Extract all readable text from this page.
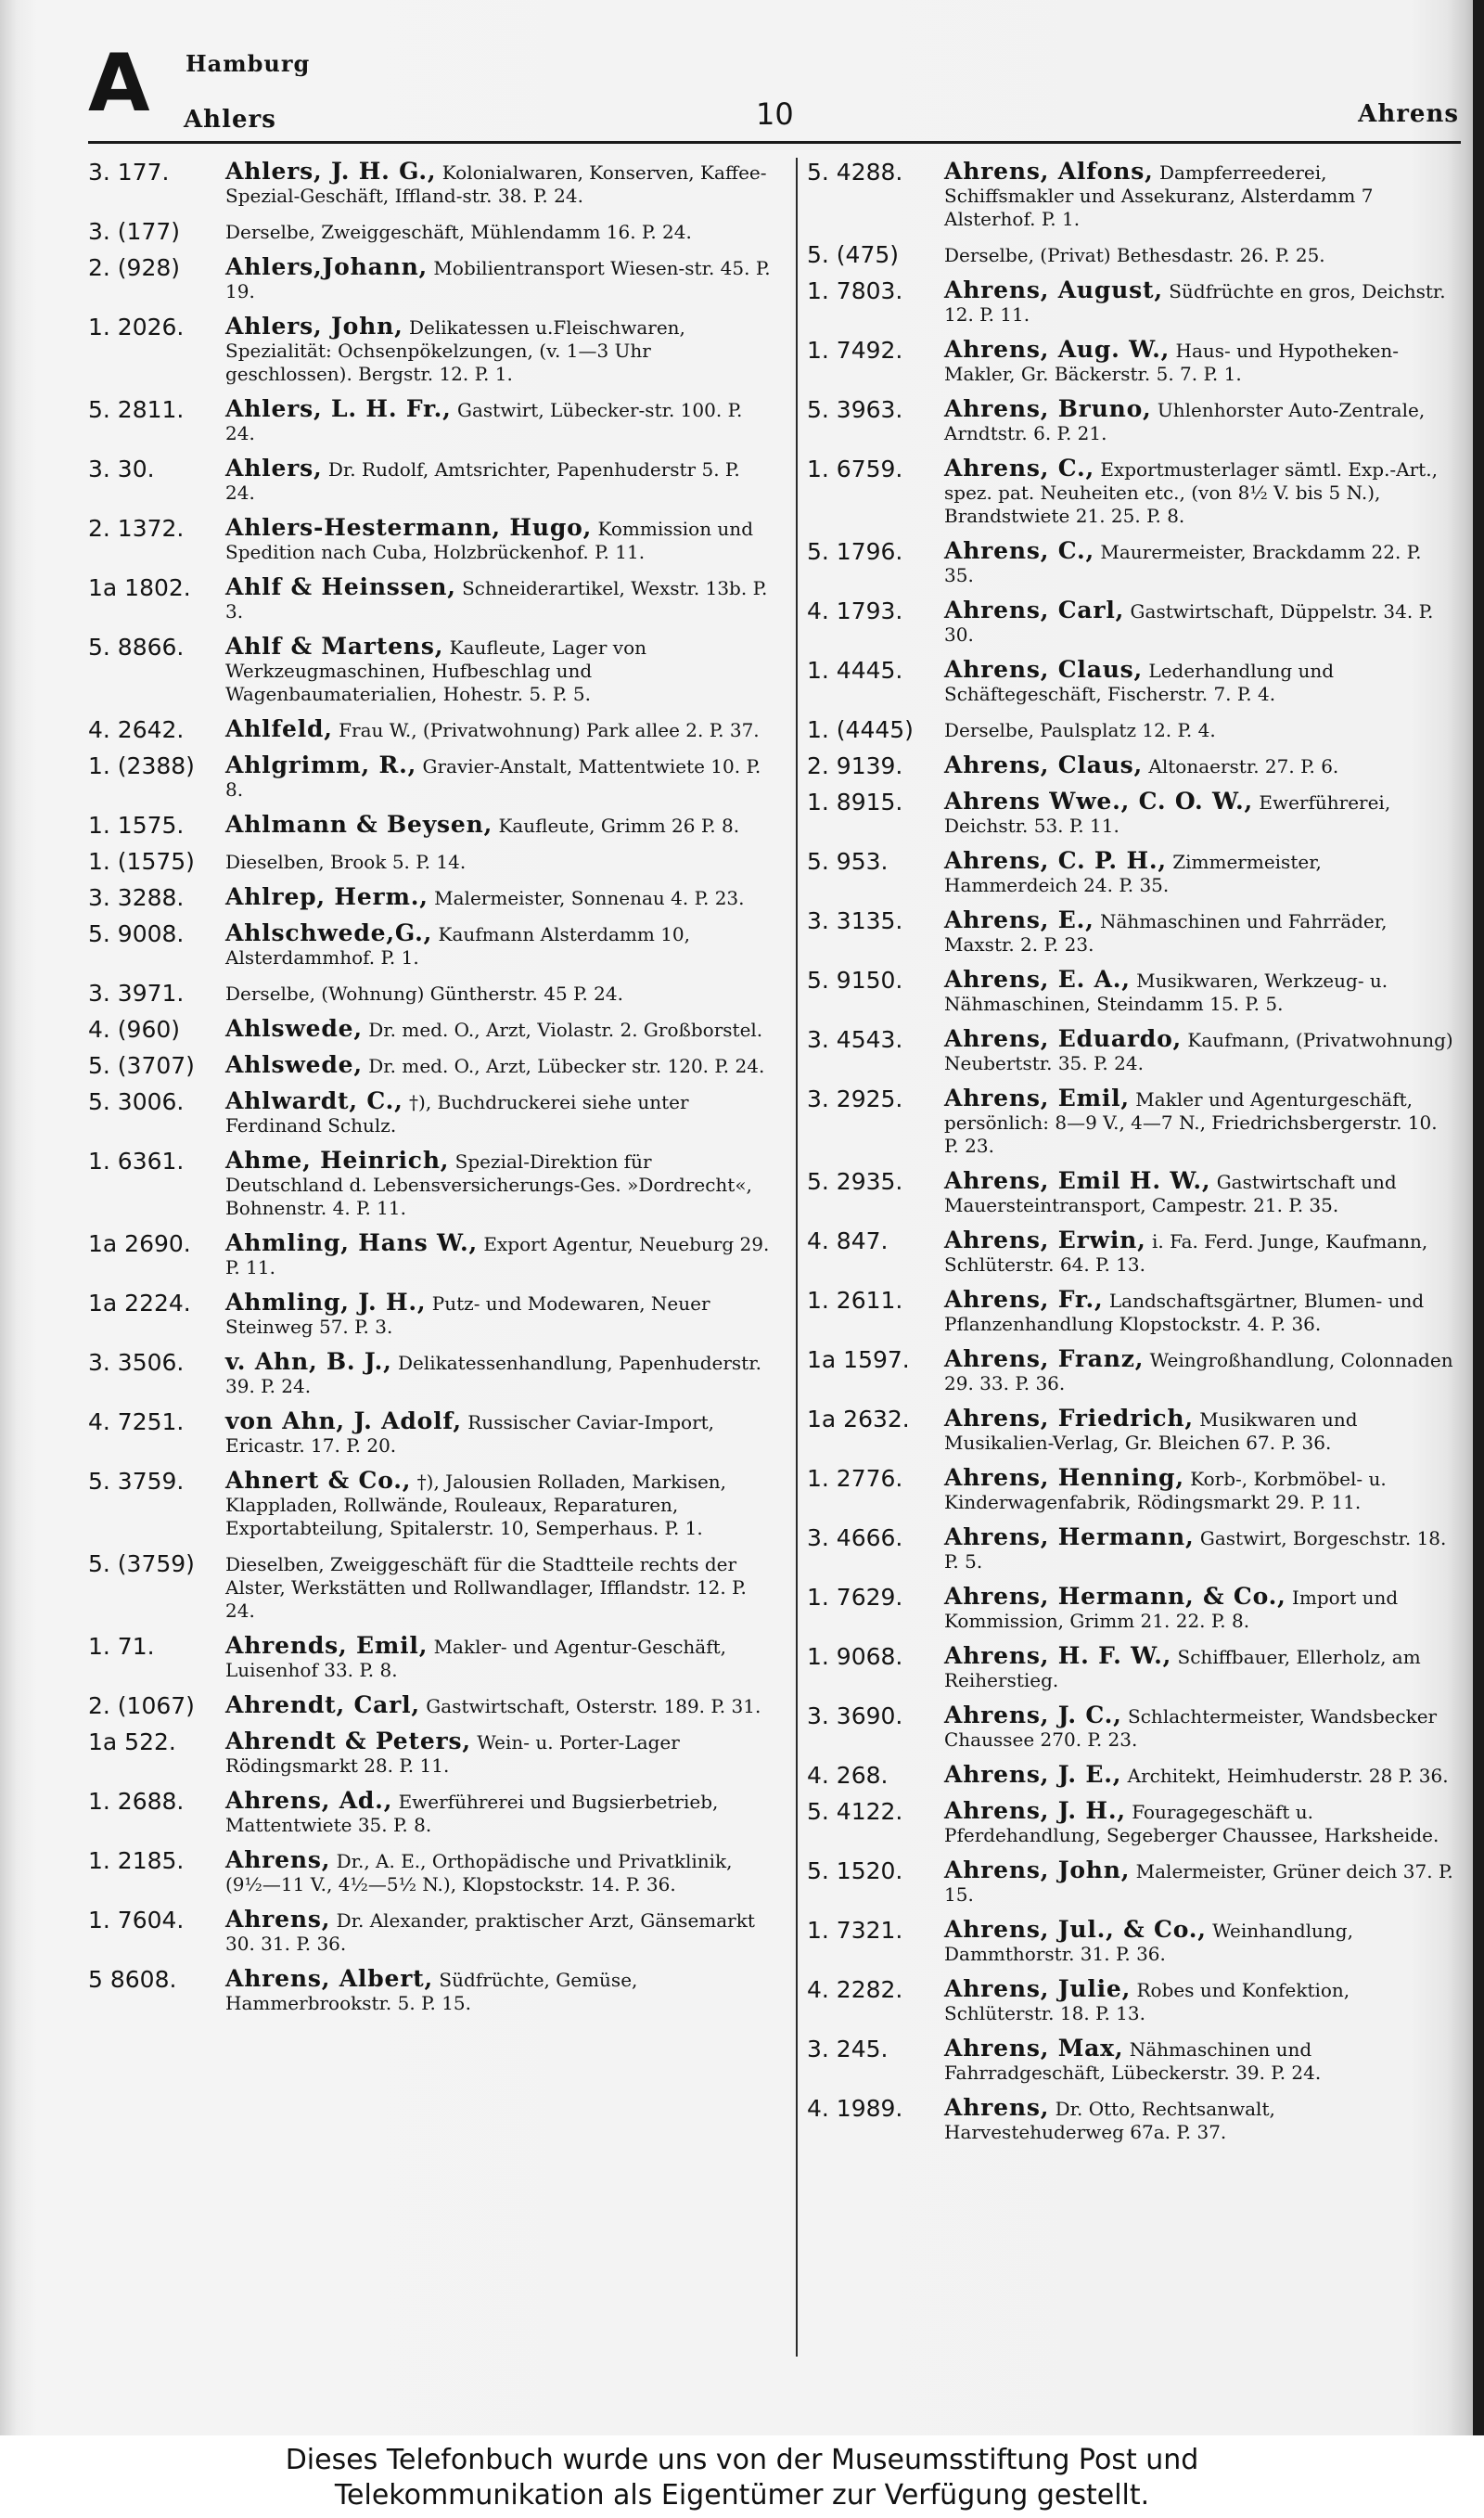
A Hamburg
Ahlers	10	Ahrens
3. 177.	Ahlers, J. H. G., Kolonialwaren, Konserven, Kaffee-Spezial-Geschäft, Iffland-str. 38. P. 24.
3. (177)	Derselbe, Zweiggeschäft, Mühlendamm 16. P. 24.
2. (928)	Ahlers,Johann, Mobilientransport Wiesen-str. 45. P. 19.
1. 2026.	Ahlers, John, Delikatessen u.Fleischwaren, Spezialität: Ochsenpökelzungen, (v. 1—3 Uhr geschlossen). Bergstr. 12. P. 1.
5. 2811.	Ahlers, L. H. Fr., Gastwirt, Lübecker-str. 100. P. 24.
3. 30.	Ahlers, Dr. Rudolf, Amtsrichter, Papenhuderstr 5. P. 24.
2. 1372.	Ahlers-Hestermann, Hugo, Kommission und Spedition nach Cuba, Holzbrückenhof. P. 11.
1a 1802.	Ahlf & Heinssen, Schneiderartikel, Wexstr. 13b. P. 3.
5. 8866.	Ahlf & Martens, Kaufleute, Lager von Werkzeugmaschinen, Hufbeschlag und Wagenbaumaterialien, Hohestr. 5. P. 5.
4. 2642.	Ahlfeld, Frau W., (Privatwohnung) Park allee 2. P. 37.
1. (2388)	Ahlgrimm, R., Gravier-Anstalt, Mattentwiete 10. P. 8.
1. 1575.	Ahlmann & Beysen, Kaufleute, Grimm 26 P. 8.
1. (1575)	Dieselben, Brook 5. P. 14.
3. 3288.	Ahlrep, Herm., Malermeister, Sonnenau 4. P. 23.
5. 9008.	Ahlschwede,G., Kaufmann Alsterdamm 10, Alsterdammhof. P. 1.
3. 3971.	Derselbe, (Wohnung) Güntherstr. 45 P. 24.
4. (960)	Ahlswede, Dr. med. O., Arzt, Violastr. 2. Großborstel.
5. (3707)	Ahlswede, Dr. med. O., Arzt, Lübecker str. 120. P. 24.
5. 3006.	Ahlwardt, C., †), Buchdruckerei siehe unter Ferdinand Schulz.
1. 6361.	Ahme, Heinrich, Spezial-Direktion für Deutschland d. Lebensversicherungs-Ges. »Dordrecht«, Bohnenstr. 4. P. 11.
1a 2690.	Ahmling, Hans W., Export Agentur, Neueburg 29. P. 11.
1a 2224.	Ahmling, J. H., Putz- und Modewaren, Neuer Steinweg 57. P. 3.
3. 3506.	v. Ahn, B. J., Delikatessenhandlung, Papenhuderstr. 39. P. 24.
4. 7251.	von Ahn, J. Adolf, Russischer Caviar-Import, Ericastr. 17. P. 20.
5. 3759.	Ahnert & Co., †), Jalousien Rolladen, Markisen, Klappladen, Rollwände, Rouleaux, Reparaturen, Exportabteilung, Spitalerstr. 10, Semperhaus. P. 1.
5. (3759)	Dieselben, Zweiggeschäft für die Stadtteile rechts der Alster, Werkstätten und Rollwandlager, Ifflandstr. 12. P. 24.
1. 71.	Ahrends, Emil, Makler- und Agentur-Geschäft, Luisenhof 33. P. 8.
2. (1067)	Ahrendt, Carl, Gastwirtschaft, Osterstr. 189. P. 31.
1a 522.	Ahrendt & Peters, Wein- u. Porter-Lager Rödingsmarkt 28. P. 11.
1. 2688.	Ahrens, Ad., Ewerführerei und Bugsierbetrieb, Mattentwiete 35. P. 8.
1. 2185.	Ahrens, Dr., A. E., Orthopädische und Privatklinik, (9½—11 V., 4½—5½ N.), Klopstockstr. 14. P. 36.
1. 7604.	Ahrens, Dr. Alexander, praktischer Arzt, Gänsemarkt 30. 31. P. 36.
5 8608.	Ahrens, Albert, Südfrüchte, Gemüse, Hammerbrookstr. 5. P. 15.
5. 4288.	Ahrens, Alfons, Dampferreederei, Schiffsmakler und Assekuranz, Alsterdamm 7 Alsterhof. P. 1.
5. (475)	Derselbe, (Privat) Bethesdastr. 26. P. 25.
1. 7803.	Ahrens, August, Südfrüchte en gros, Deichstr. 12. P. 11.
1. 7492.	Ahrens, Aug. W., Haus- und Hypotheken-Makler, Gr. Bäckerstr. 5. 7. P. 1.
5. 3963.	Ahrens, Bruno, Uhlenhorster Auto-Zentrale, Arndtstr. 6. P. 21.
1. 6759.	Ahrens, C., Exportmusterlager sämtl. Exp.-Art., spez. pat. Neuheiten etc., (von 8½ V. bis 5 N.), Brandstwiete 21. 25. P. 8.
5. 1796.	Ahrens, C., Maurermeister, Brackdamm 22. P. 35.
4. 1793.	Ahrens, Carl, Gastwirtschaft, Düppelstr. 34. P. 30.
1. 4445.	Ahrens, Claus, Lederhandlung und Schäftegeschäft, Fischerstr. 7. P. 4.
1. (4445)	Derselbe, Paulsplatz 12. P. 4.
2. 9139.	Ahrens, Claus, Altonaerstr. 27. P. 6.
1. 8915.	Ahrens Wwe., C. O. W., Ewerführerei, Deichstr. 53. P. 11.
5. 953.	Ahrens, C. P. H., Zimmermeister, Hammerdeich 24. P. 35.
3. 3135.	Ahrens, E., Nähmaschinen und Fahrräder, Maxstr. 2. P. 23.
5. 9150.	Ahrens, E. A., Musikwaren, Werkzeug- u. Nähmaschinen, Steindamm 15. P. 5.
3. 4543.	Ahrens, Eduardo, Kaufmann, (Privatwohnung) Neubertstr. 35. P. 24.
3. 2925.	Ahrens, Emil, Makler und Agenturgeschäft, persönlich: 8—9 V., 4—7 N., Friedrichsbergerstr. 10. P. 23.
5. 2935.	Ahrens, Emil H. W., Gastwirtschaft und Mauersteintransport, Campestr. 21. P. 35.
4. 847.	Ahrens, Erwin, i. Fa. Ferd. Junge, Kaufmann, Schlüterstr. 64. P. 13.
1. 2611.	Ahrens, Fr., Landschaftsgärtner, Blumen- und Pflanzenhandlung Klopstockstr. 4. P. 36.
1a 1597.	Ahrens, Franz, Weingroßhandlung, Colonnaden 29. 33. P. 36.
1a 2632.	Ahrens, Friedrich, Musikwaren und Musikalien-Verlag, Gr. Bleichen 67. P. 36.
1. 2776.	Ahrens, Henning, Korb-, Korbmöbel- u. Kinderwagenfabrik, Rödingsmarkt 29. P. 11.
3. 4666.	Ahrens, Hermann, Gastwirt, Borgeschstr. 18. P. 5.
1. 7629.	Ahrens, Hermann, & Co., Import und Kommission, Grimm 21. 22. P. 8.
1. 9068.	Ahrens, H. F. W., Schiffbauer, Ellerholz, am Reiherstieg.
3. 3690.	Ahrens, J. C., Schlachtermeister, Wandsbecker Chaussee 270. P. 23.
4. 268.	Ahrens, J. E., Architekt, Heimhuderstr. 28 P. 36.
5. 4122.	Ahrens, J. H., Fouragegeschäft u. Pferdehandlung, Segeberger Chaussee, Harksheide.
5. 1520.	Ahrens, John, Malermeister, Grüner deich 37. P. 15.
1. 7321.	Ahrens, Jul., & Co., Weinhandlung, Dammthorstr. 31. P. 36.
4. 2282.	Ahrens, Julie, Robes und Konfektion, Schlüterstr. 18. P. 13.
3. 245.	Ahrens, Max, Nähmaschinen und Fahrradgeschäft, Lübeckerstr. 39. P. 24.
4. 1989.	Ahrens, Dr. Otto, Rechtsanwalt, Harvestehuderweg 67a. P. 37.
Dieses Telefonbuch wurde uns von der Museumsstiftung Post und
Telekommunikation als Eigentümer zur Verfügung gestellt.
